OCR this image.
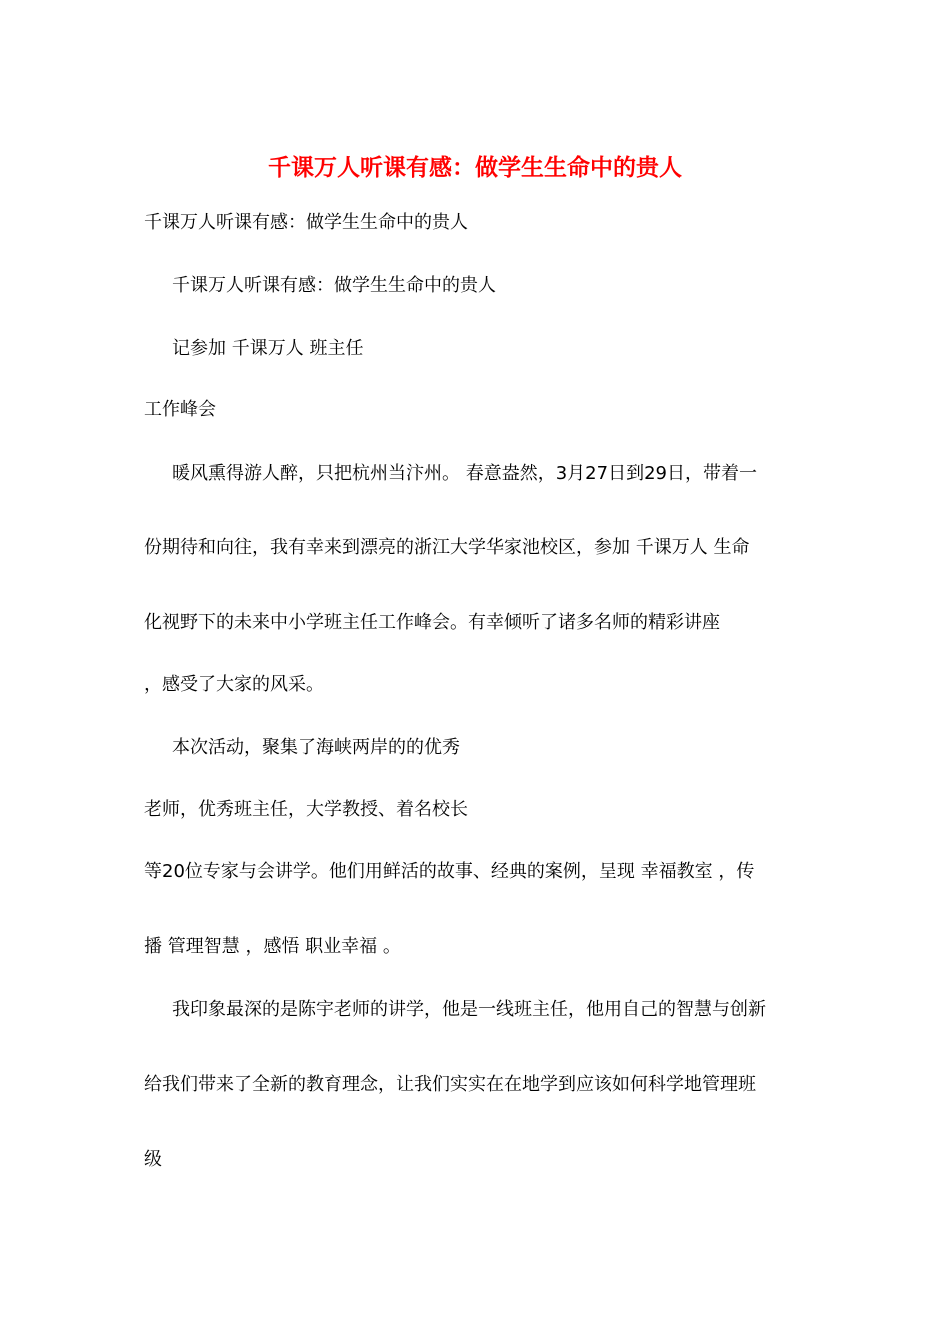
千课万人听课有感：做学生生命中的贵人
千课万人听课有感：做学生生命中的贵人
千课万人听课有感：做学生生命中的贵人
记参加 千课万人 班主任
工作峰会
暖风熏得游人醉，只把杭州当汴州。 春意盎然，3月27日到29日，带着一
份期待和向往，我有幸来到漂亮的浙江大学华家池校区，参加 千课万人 生命
化视野下的未来中小学班主任工作峰会。有幸倾听了诸多名师的精彩讲座
，感受了大家的风采。
本次活动，聚集了海峡两岸的的优秀
老师，优秀班主任，大学教授、着名校长
等20位专家与会讲学。他们用鲜活的故事、经典的案例，呈现 幸福教室 ，传
播 管理智慧 ，感悟 职业幸福 。
我印象最深的是陈宇老师的讲学，他是一线班主任，他用自己的智慧与创新
给我们带来了全新的教育理念，让我们实实在在地学到应该如何科学地管理班
级
